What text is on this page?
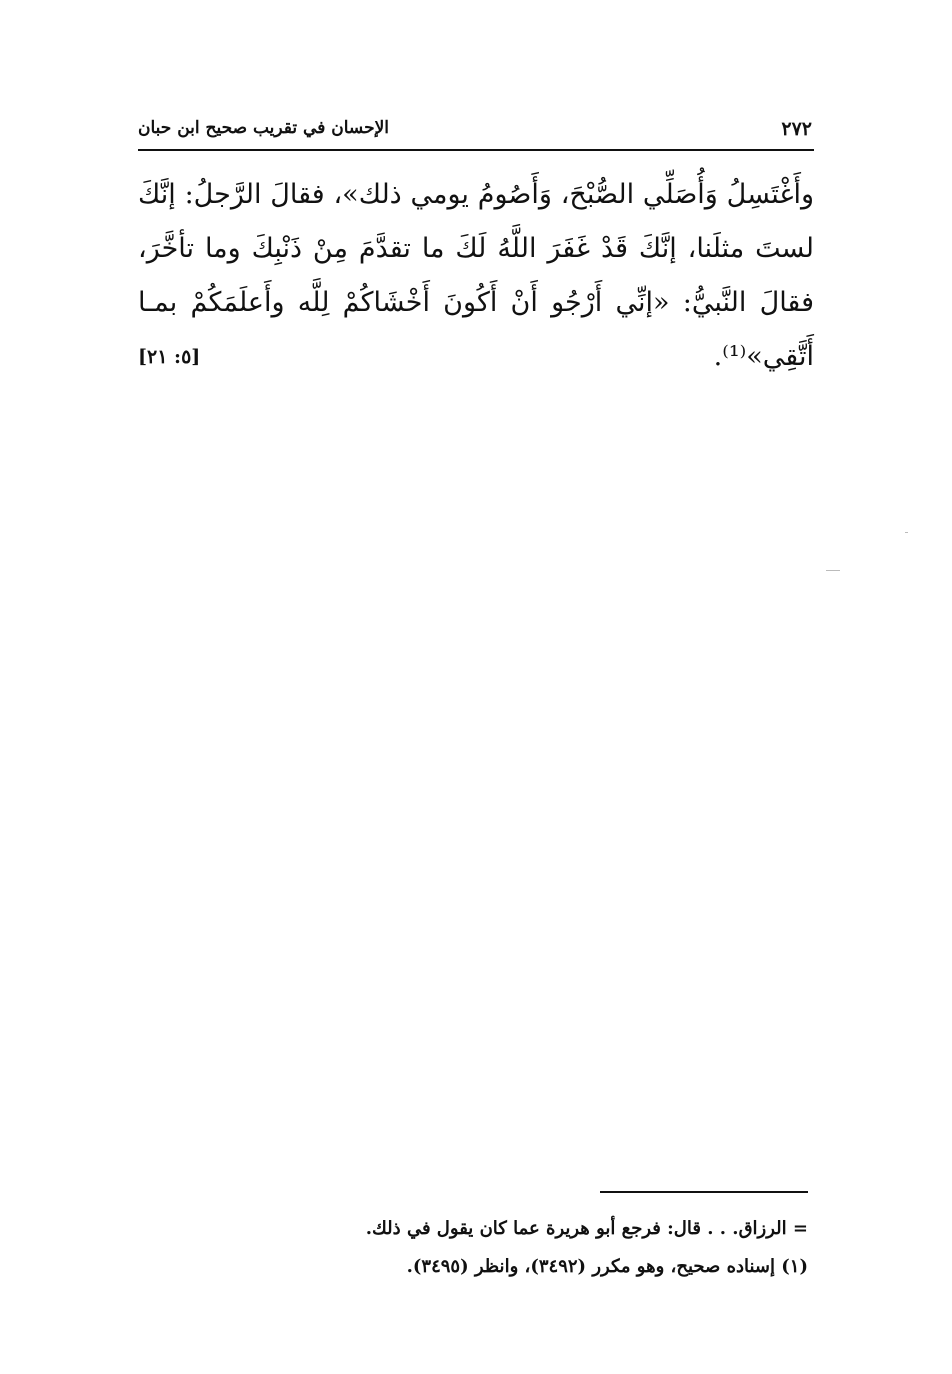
الإحسان في تقريب صحيح ابن حبان	٢٧٢
وأَغْتَسِلُ وَأُصَلِّي الصُّبْحَ، وَأَصُومُ يومي ذلك»، فقالَ الرَّجلُ: إنَّكَ
لستَ مثلَنا، إنَّكَ قَدْ غَفَرَ اللَّهُ لَكَ ما تقدَّمَ مِنْ ذَنْبِكَ وما تأخَّرَ،
فقالَ النَّبيُّ: «إنِّي أَرْجُو أَنْ أَكُونَ أَخْشَاكُمْ لِلَّه وأَعلَمَكُمْ بمـا
أَتَّقِي»⁽¹⁾.
[٥: ٢١]
= الرزاق. . . قال: فرجع أبو هريرة عما كان يقول في ذلك.
(١) إسناده صحيح، وهو مكرر (٣٤٩٢)، وانظر (٣٤٩٥).
